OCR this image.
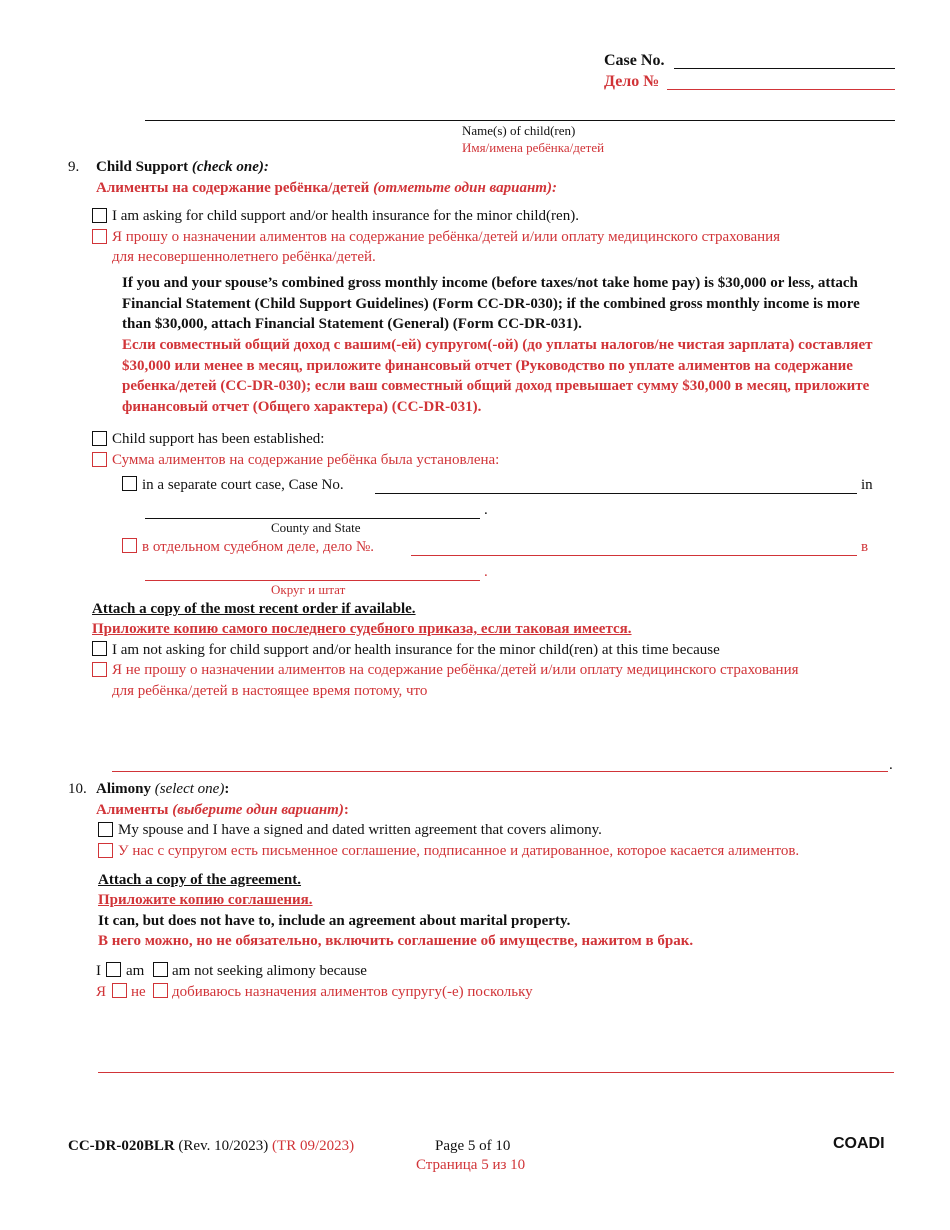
Case No.
Дело №
Name(s) of child(ren)
Имя/имена ребёнка/детей
9. Child Support (check one):
Алименты на содержание ребёнка/детей (отметьте один вариант):
I am asking for child support and/or health insurance for the minor child(ren).
Я прошу о назначении алиментов на содержание ребёнка/детей и/или оплату медицинского страхования
для несовершеннолетнего ребёнка/детей.
If you and your spouse’s combined gross monthly income (before taxes/not take home pay) is $30,000 or less, attach Financial Statement (Child Support Guidelines) (Form CC-DR-030); if the combined gross monthly income is more than $30,000, attach Financial Statement (General) (Form CC-DR-031).
Если совместный общий доход с вашим(-ей) супругом(-ой) (до уплаты налогов/не чистая зарплата) составляет $30,000 или менее в месяц, приложите финансовый отчет (Руководство по уплате алиментов на содержание ребенка/детей (CC-DR-030); если ваш совместный общий доход превышает сумму $30,000 в месяц, приложите финансовый отчет (Общего характера) (CC-DR-031).
Child support has been established:
Сумма алиментов на содержание ребёнка была установлена:
in a separate court case, Case No.	in
.
County and State
в отдельном судебном деле, дело №.	в
.
Округ и штат
Attach a copy of the most recent order if available.
Приложите копию самого последнего судебного приказа, если таковая имеется.
I am not asking for child support and/or health insurance for the minor child(ren) at this time because
Я не прошу о назначении алиментов на содержание ребёнка/детей и/или оплату медицинского страхования
для ребёнка/детей в настоящее время потому, что
.
10. Alimony (select one):
Алименты (выберите один вариант):
My spouse and I have a signed and dated written agreement that covers alimony.
У нас с супругом есть письменное соглашение, подписанное и датированное, которое касается алиментов.
Attach a copy of the agreement.
Приложите копию соглашения.
It can, but does not have to, include an agreement about marital property.
В него можно, но не обязательно, включить соглашение об имуществе, нажитом в брак.
I am am not seeking alimony because
Я не добиваюсь назначения алиментов супругу(-е) поскольку
CC-DR-020BLR (Rev. 10/2023) (TR 09/2023)	Page 5 of 10
Страница 5 из 10
COADI
